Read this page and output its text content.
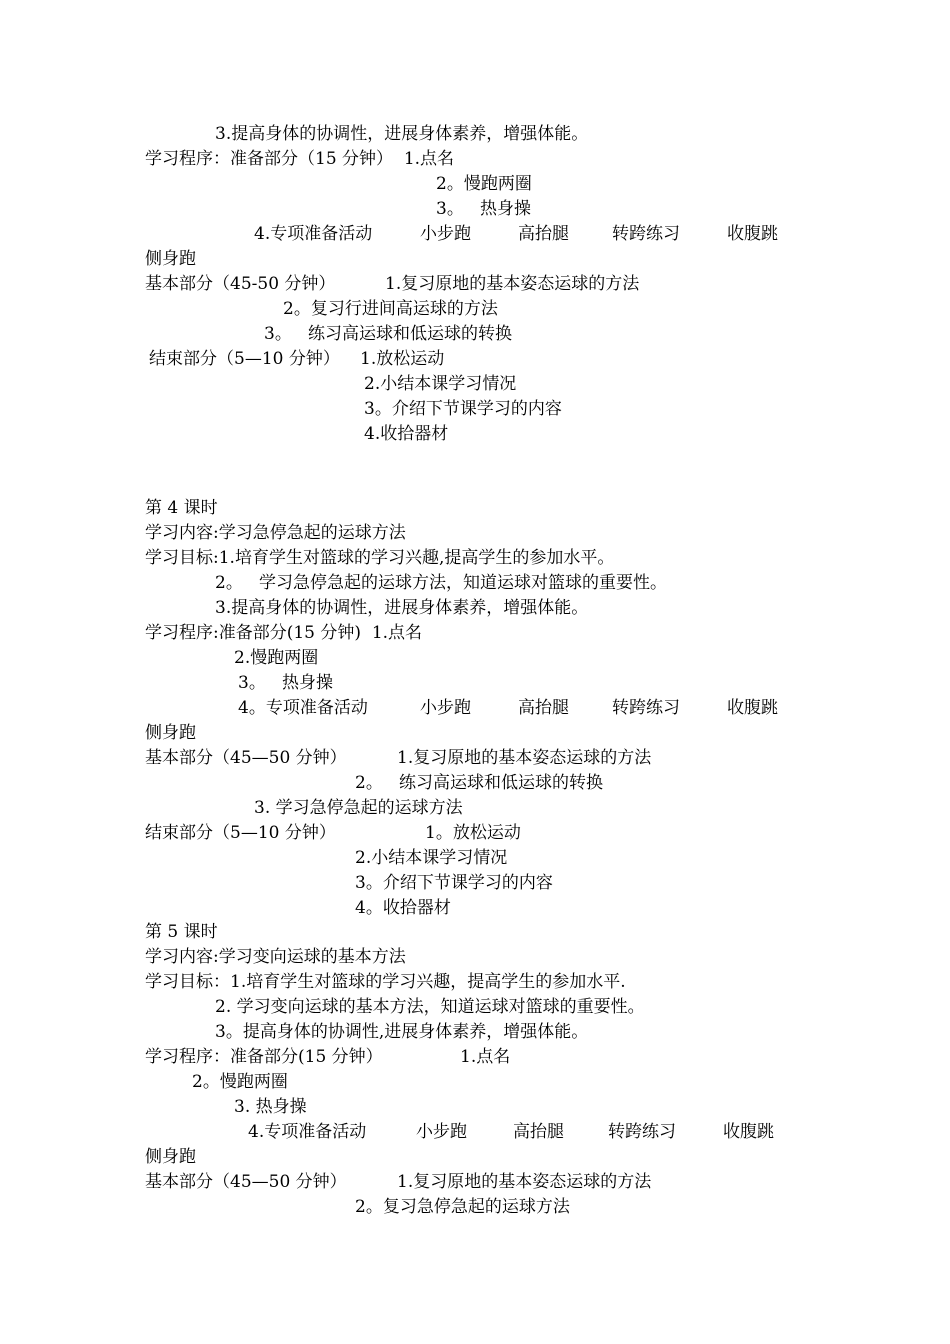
3.提高身体的协调性，进展身体素养，增强体能。
学习程序：准备部分（15 分钟）  1.点名
2。慢跑两圈
3。   热身操
4.专项准备活动	小步跑	高抬腿	转跨练习	收腹跳
侧身跑
基本部分（45-50 分钟）	1.复习原地的基本姿态运球的方法
2。复习行进间高运球的方法
3。   练习高运球和低运球的转换
结束部分（5—10 分钟） 1.放松运动
2.小结本课学习情况
3。介绍下节课学习的内容
4.收拾器材
第 4 课时
学习内容:学习急停急起的运球方法
学习目标:1.培育学生对篮球的学习兴趣,提高学生的参加水平。
2。   学习急停急起的运球方法，知道运球对篮球的重要性。
3.提高身体的协调性，进展身体素养，增强体能。
学习程序:准备部分(15 分钟)  1.点名
2.慢跑两圈
3。   热身操
4。专项准备活动	小步跑	高抬腿	转跨练习	收腹跳
侧身跑
基本部分（45—50 分钟）	1.复习原地的基本姿态运球的方法
2。   练习高运球和低运球的转换
3. 学习急停急起的运球方法
结束部分（5—10 分钟）	1。放松运动
2.小结本课学习情况
3。介绍下节课学习的内容
4。收拾器材
第 5 课时
学习内容:学习变向运球的基本方法
学习目标：1.培育学生对篮球的学习兴趣，提高学生的参加水平.
2. 学习变向运球的基本方法，知道运球对篮球的重要性。
3。提高身体的协调性,进展身体素养，增强体能。
学习程序：准备部分(15 分钟）	1.点名
2。慢跑两圈
3. 热身操
4.专项准备活动	小步跑	高抬腿	转跨练习	收腹跳
侧身跑
基本部分（45—50 分钟）	1.复习原地的基本姿态运球的方法
2。复习急停急起的运球方法
